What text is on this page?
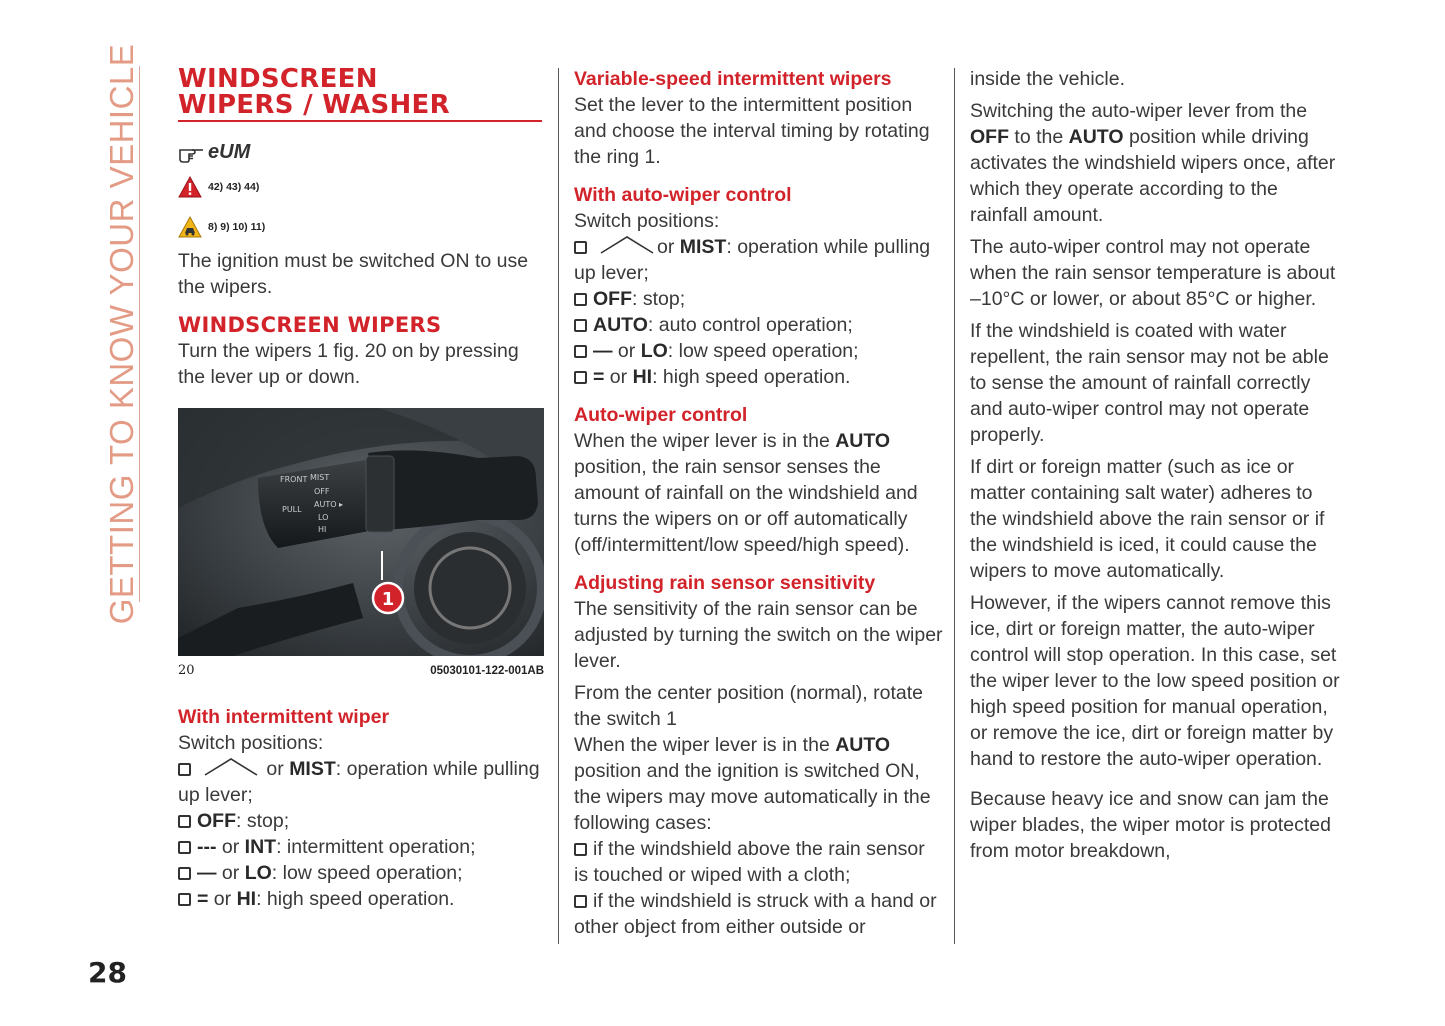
GETTING TO KNOW YOUR VEHICLE
28
WINDSCREEN
WIPERS / WASHER
eUM
42) 43) 44)
8) 9) 10) 11)

The ignition must be switched ON to use the wipers.

WINDSCREEN WIPERS

Turn the wipers 1 fig. 20 on by pressing the lever up or down.

FRONT MIST
OFF
AUTO ▸
LO
HI
PULL
1
20	05030101-122-001AB
With intermittent wiper

Switch positions:

or MIST: operation while pulling up lever;

OFF: stop;

--- or INT: intermittent operation;

— or LO: low speed operation;

= or HI: high speed operation.

Variable-speed intermittent wipers

Set the lever to the intermittent position and choose the interval timing by rotating the ring 1.

With auto-wiper control

Switch positions:

or MIST: operation while pulling up lever;

OFF: stop;

AUTO: auto control operation;

— or LO: low speed operation;

= or HI: high speed operation.

Auto-wiper control

When the wiper lever is in the AUTO position, the rain sensor senses the amount of rainfall on the windshield and turns the wipers on or off automatically (off/intermittent/low speed/high speed).

Adjusting rain sensor sensitivity

The sensitivity of the rain sensor can be adjusted by turning the switch on the wiper lever.

From the center position (normal), rotate the switch 1

When the wiper lever is in the AUTO position and the ignition is switched ON, the wipers may move automatically in the following cases:

if the windshield above the rain sensor is touched or wiped with a cloth;

if the windshield is struck with a hand or other object from either outside or

inside the vehicle.

Switching the auto-wiper lever from the OFF to the AUTO position while driving activates the windshield wipers once, after which they operate according to the rainfall amount.

The auto-wiper control may not operate when the rain sensor temperature is about –10°C or lower, or about 85°C or higher.

If the windshield is coated with water repellent, the rain sensor may not be able to sense the amount of rainfall correctly and auto-wiper control may not operate properly.

If dirt or foreign matter (such as ice or matter containing salt water) adheres to the windshield above the rain sensor or if the windshield is iced, it could cause the wipers to move automatically.

However, if the wipers cannot remove this ice, dirt or foreign matter, the auto-wiper control will stop operation. In this case, set the wiper lever to the low speed position or high speed position for manual operation, or remove the ice, dirt or foreign matter by hand to restore the auto-wiper operation.

Because heavy ice and snow can jam the wiper blades, the wiper motor is protected from motor breakdown,
